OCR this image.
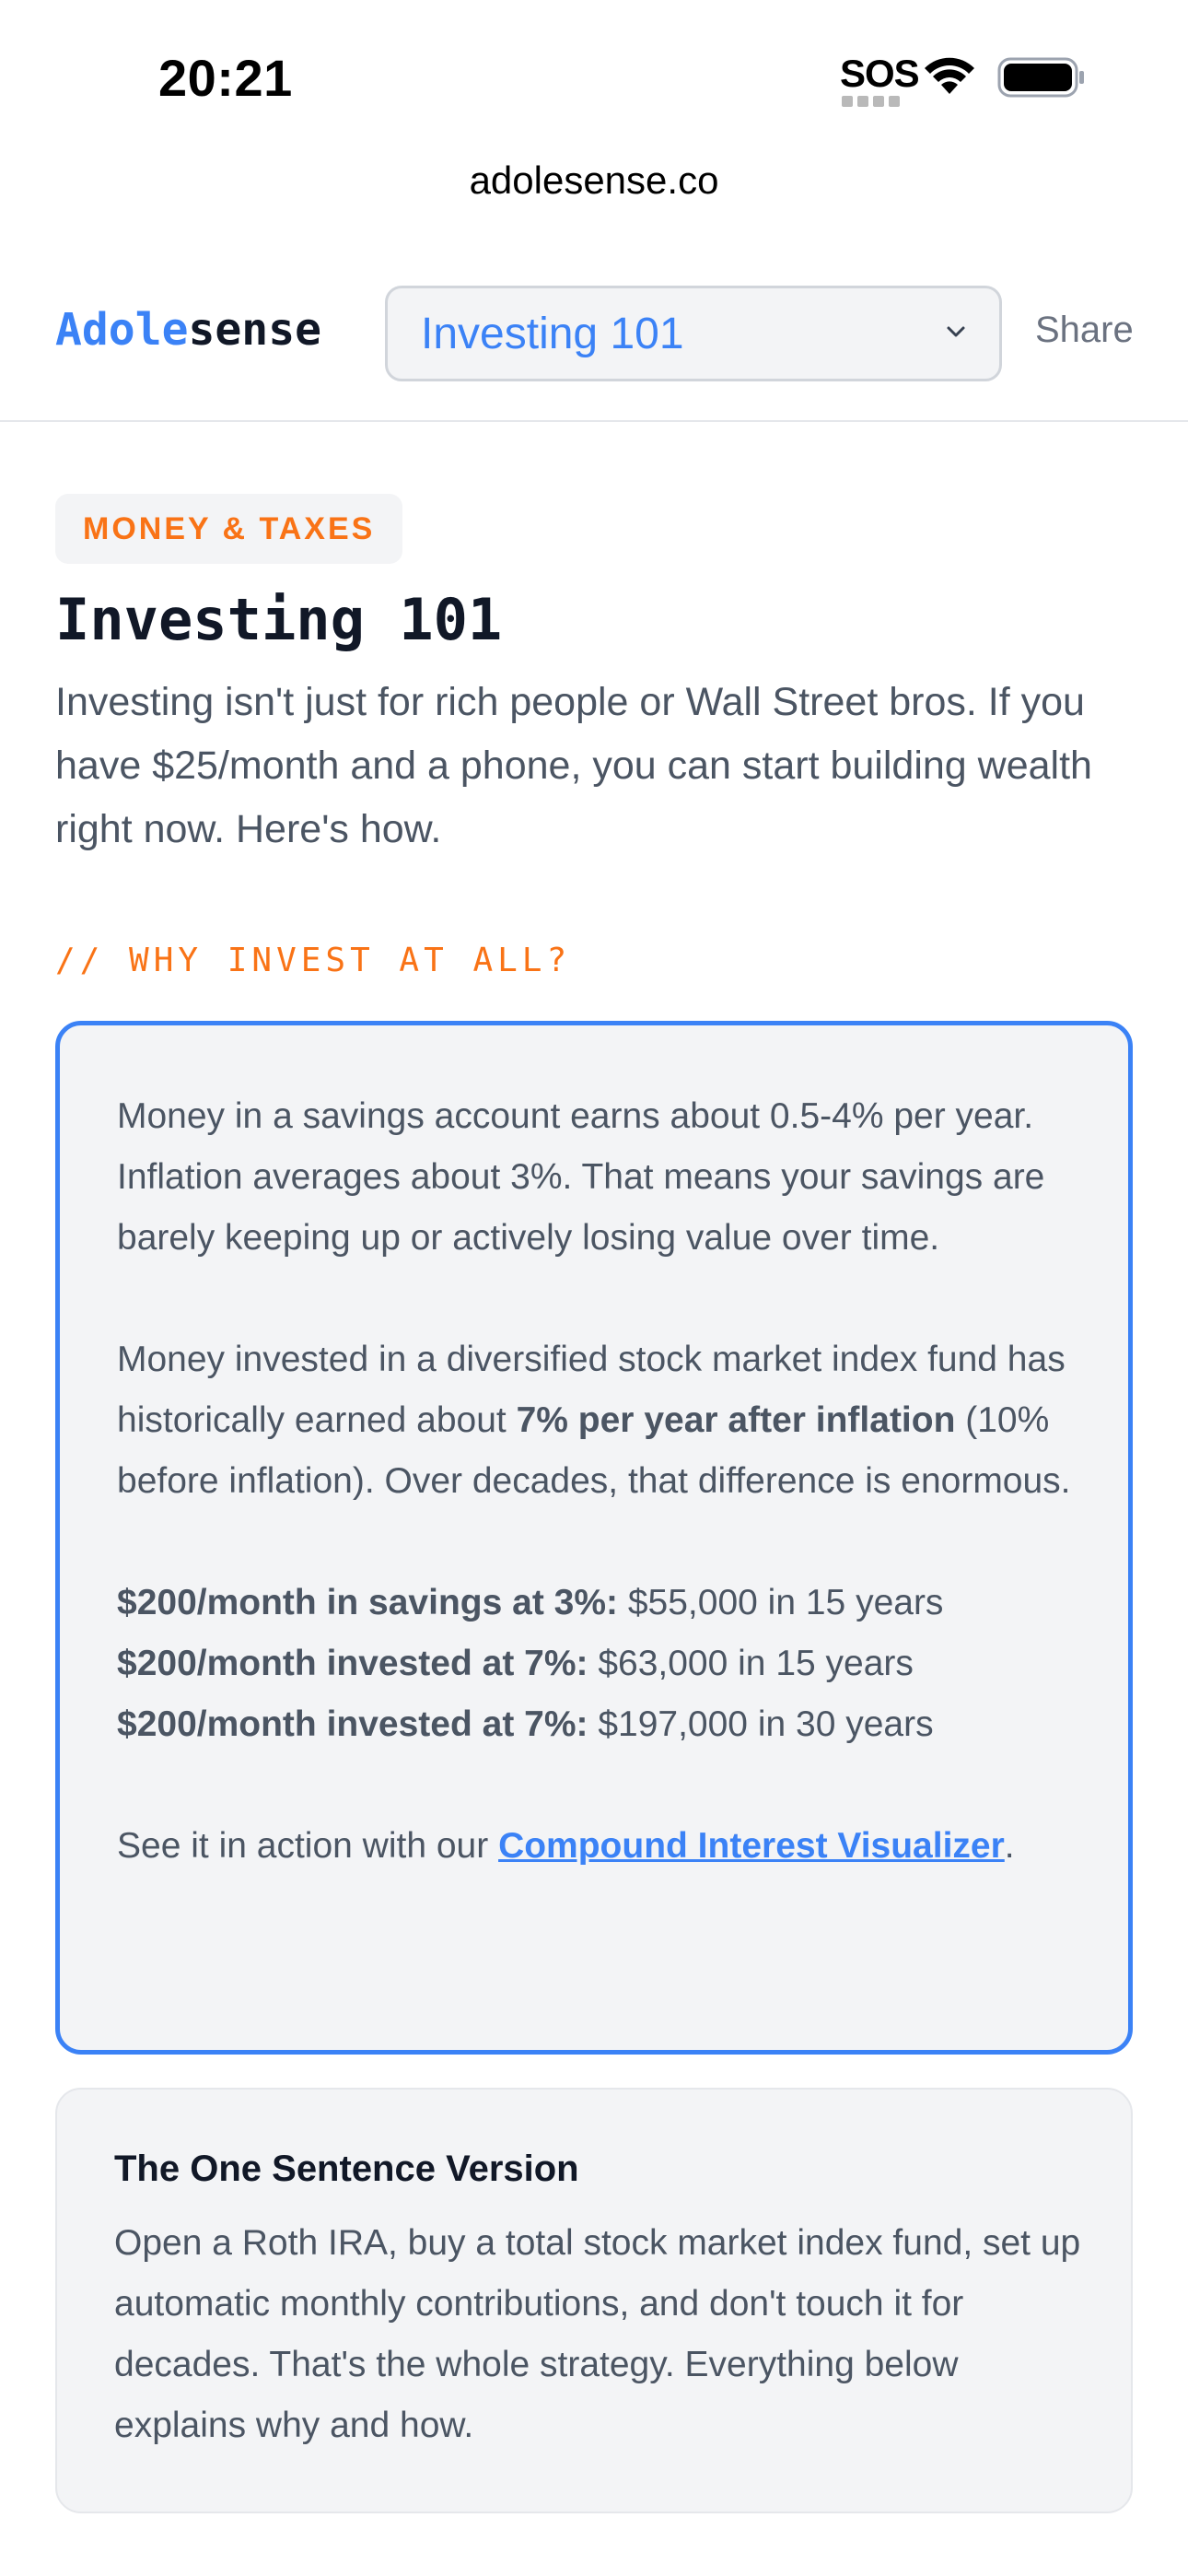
20:21	SOS
adolesense.co
Adolesense Investing 101	Share
MONEY & TAXES
Investing 101

Investing isn't just for rich people or Wall Street bros. If you have $25/month and a phone, you can start building wealth right now. Here's how.

// WHY INVEST AT ALL?

Money in a savings account earns about 0.5-4% per year. Inflation averages about 3%. That means your savings are barely keeping up or actively losing value over time.

Money invested in a diversified stock market index fund has historically earned about 7% per year after inflation (10% before inflation). Over decades, that difference is enormous.

$200/month in savings at 3%: $55,000 in 15 years
$200/month invested at 7%: $63,000 in 15 years
$200/month invested at 7%: $197,000 in 30 years

See it in action with our Compound Interest Visualizer.

The One Sentence Version
Open a Roth IRA, buy a total stock market index fund, set up automatic monthly contributions, and don't touch it for decades. That's the whole strategy. Everything below explains why and how.
